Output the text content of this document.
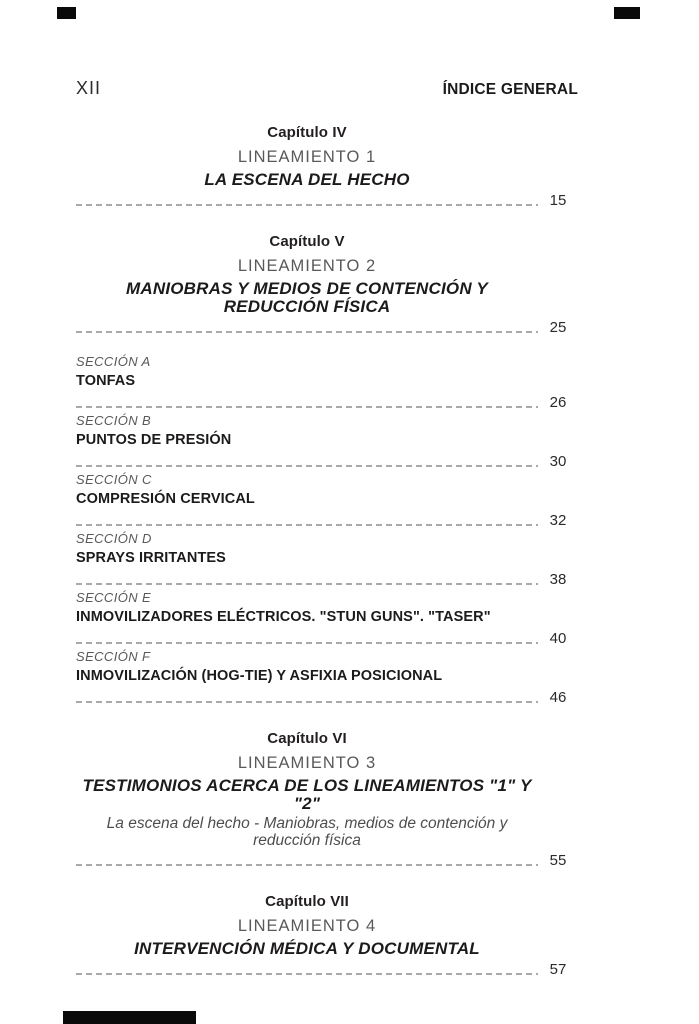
XII	ÍNDICE GENERAL
Capítulo IV
LINEAMIENTO 1
LA ESCENA DEL HECHO
15
Capítulo V
LINEAMIENTO 2
MANIOBRAS Y MEDIOS DE CONTENCIÓN Y REDUCCIÓN FÍSICA
25
SECCIÓN A
TONFAS
26
SECCIÓN B
PUNTOS DE PRESIÓN
30
SECCIÓN C
COMPRESIÓN CERVICAL
32
SECCIÓN D
SPRAYS IRRITANTES
38
SECCIÓN E
INMOVILIZADORES ELÉCTRICOS. "STUN GUNS". "TASER"
40
SECCIÓN F
INMOVILIZACIÓN (HOG-TIE) Y ASFIXIA POSICIONAL
46
Capítulo VI
LINEAMIENTO 3
TESTIMONIOS ACERCA DE LOS LINEAMIENTOS "1" Y "2"
La escena del hecho - Maniobras, medios de contención y reducción física
55
Capítulo VII
LINEAMIENTO 4
INTERVENCIÓN MÉDICA Y DOCUMENTAL
57
